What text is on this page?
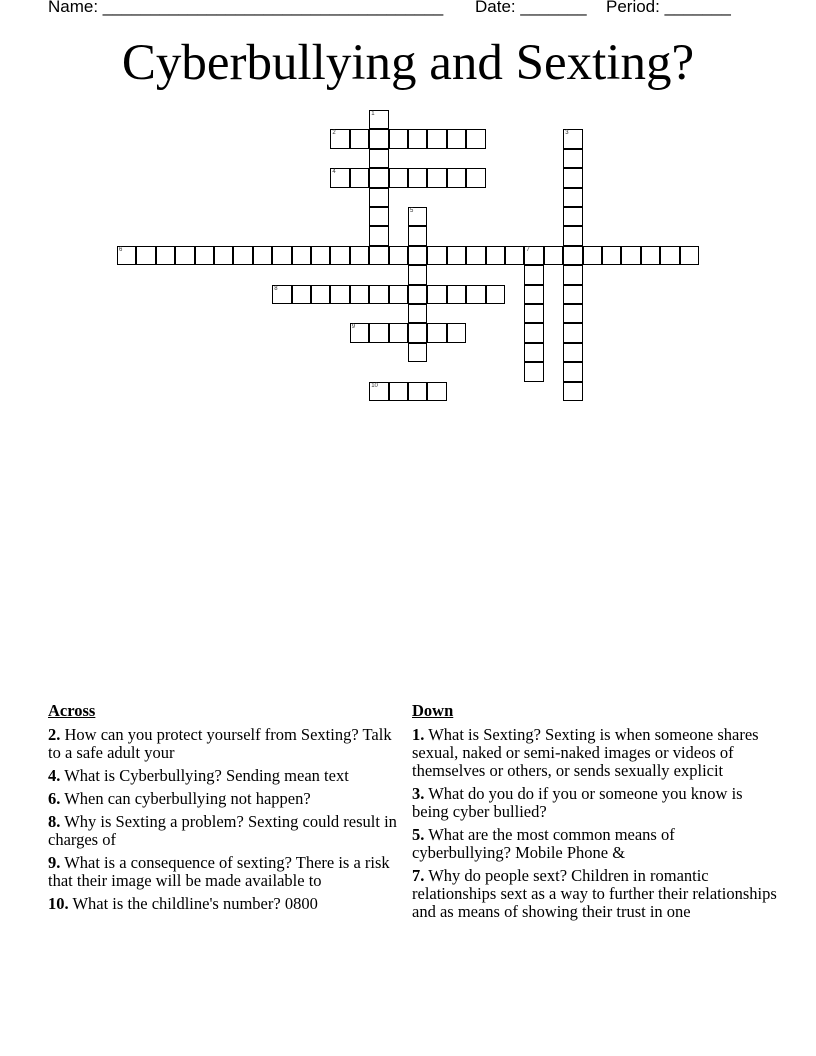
Name: ____________________________________ Date: _______ Period: _______
Cyberbullying and Sexting?
1
2	3
4
5
6	7
8
9
10
Across
2. How can you protect yourself from Sexting? Talk to a safe adult your
4. What is Cyberbullying? Sending mean text
6. When can cyberbullying not happen?
8. Why is Sexting a problem? Sexting could result in charges of
9. What is a consequence of sexting? There is a risk that their image will be made available to
10. What is the childline's number? 0800
Down
1. What is Sexting? Sexting is when someone shares sexual, naked or semi-naked images or videos of themselves or others, or sends sexually explicit
3. What do you do if you or someone you know is being cyber bullied?
5. What are the most common means of cyberbullying? Mobile Phone &
7. Why do people sext? Children in romantic relationships sext as a way to further their relationships and as means of showing their trust in one
